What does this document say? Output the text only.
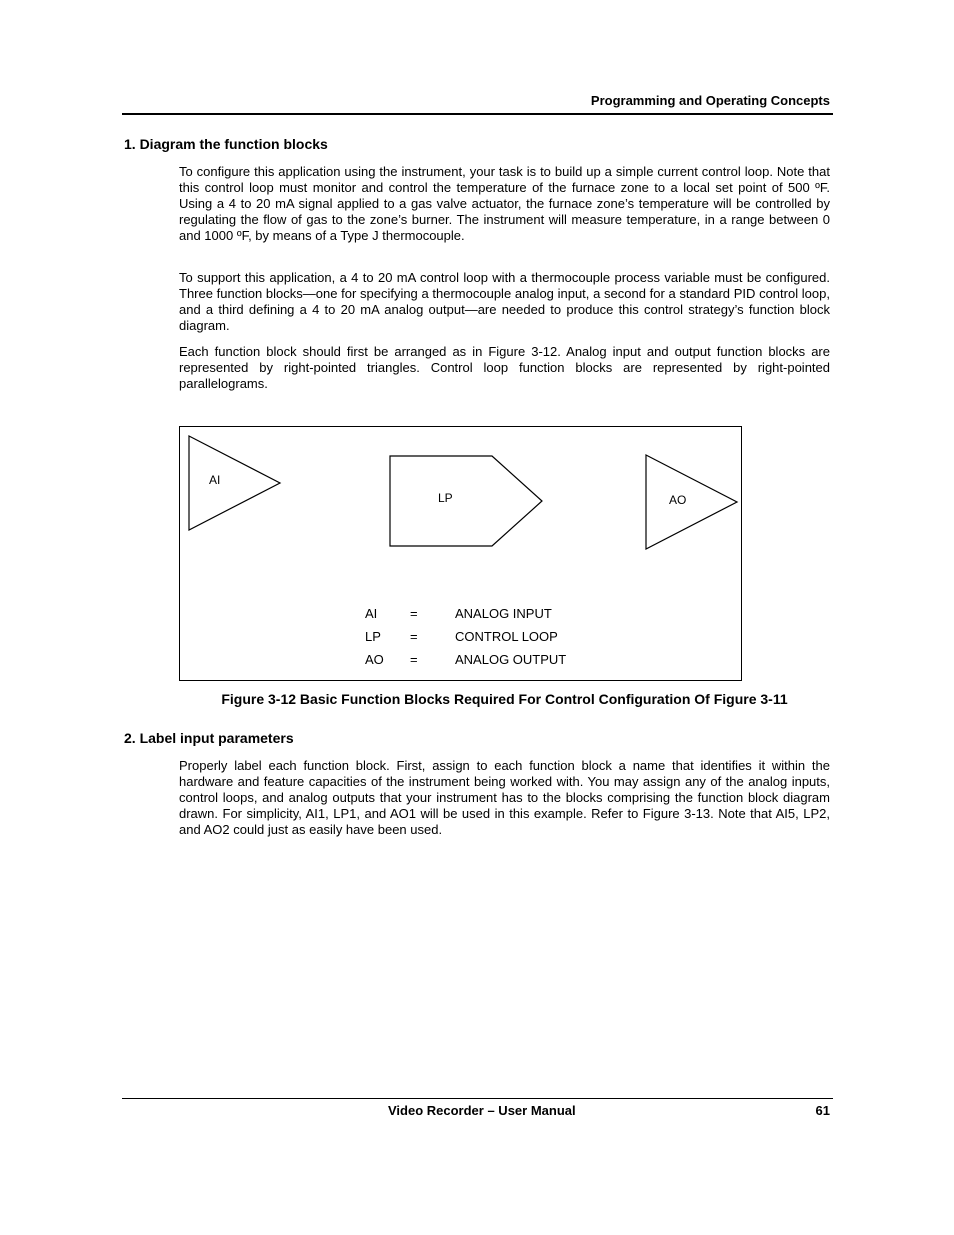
Programming and Operating Concepts
1. Diagram the function blocks

To configure this application using the instrument, your task is to build up a simple current control loop. Note that this control loop must monitor and control the temperature of the furnace zone to a local set point of 500 ºF. Using a 4 to 20 mA signal applied to a gas valve actuator, the furnace zone’s temperature will be controlled by regulating the flow of gas to the zone’s burner. The instrument will measure temperature, in a range between 0 and 1000 ºF, by means of a Type J thermocouple.

To support this application, a 4 to 20 mA control loop with a thermocouple process variable must be configured. Three function blocks—one for specifying a thermocouple analog input, a second for a standard PID control loop, and a third defining a 4 to 20 mA analog output—are needed to produce this control strategy’s function block diagram.

Each function block should first be arranged as in Figure 3-12. Analog input and output function blocks are represented by right-pointed triangles. Control loop function blocks are represented by right-pointed parallelograms.

AI
LP	AO
AI	=	ANALOG INPUT
LP =	CONTROL LOOP
AO =	ANALOG OUTPUT
Figure 3-12 Basic Function Blocks Required For Control Configuration Of Figure 3-11
2. Label input parameters

Properly label each function block. First, assign to each function block a name that identifies it within the hardware and feature capacities of the instrument being worked with. You may assign any of the analog inputs, control loops, and analog outputs that your instrument has to the blocks comprising the function block diagram drawn. For simplicity, AI1, LP1, and AO1 will be used in this example. Refer to Figure 3-13. Note that AI5, LP2, and AO2 could just as easily have been used.

Video Recorder – User Manual	61
